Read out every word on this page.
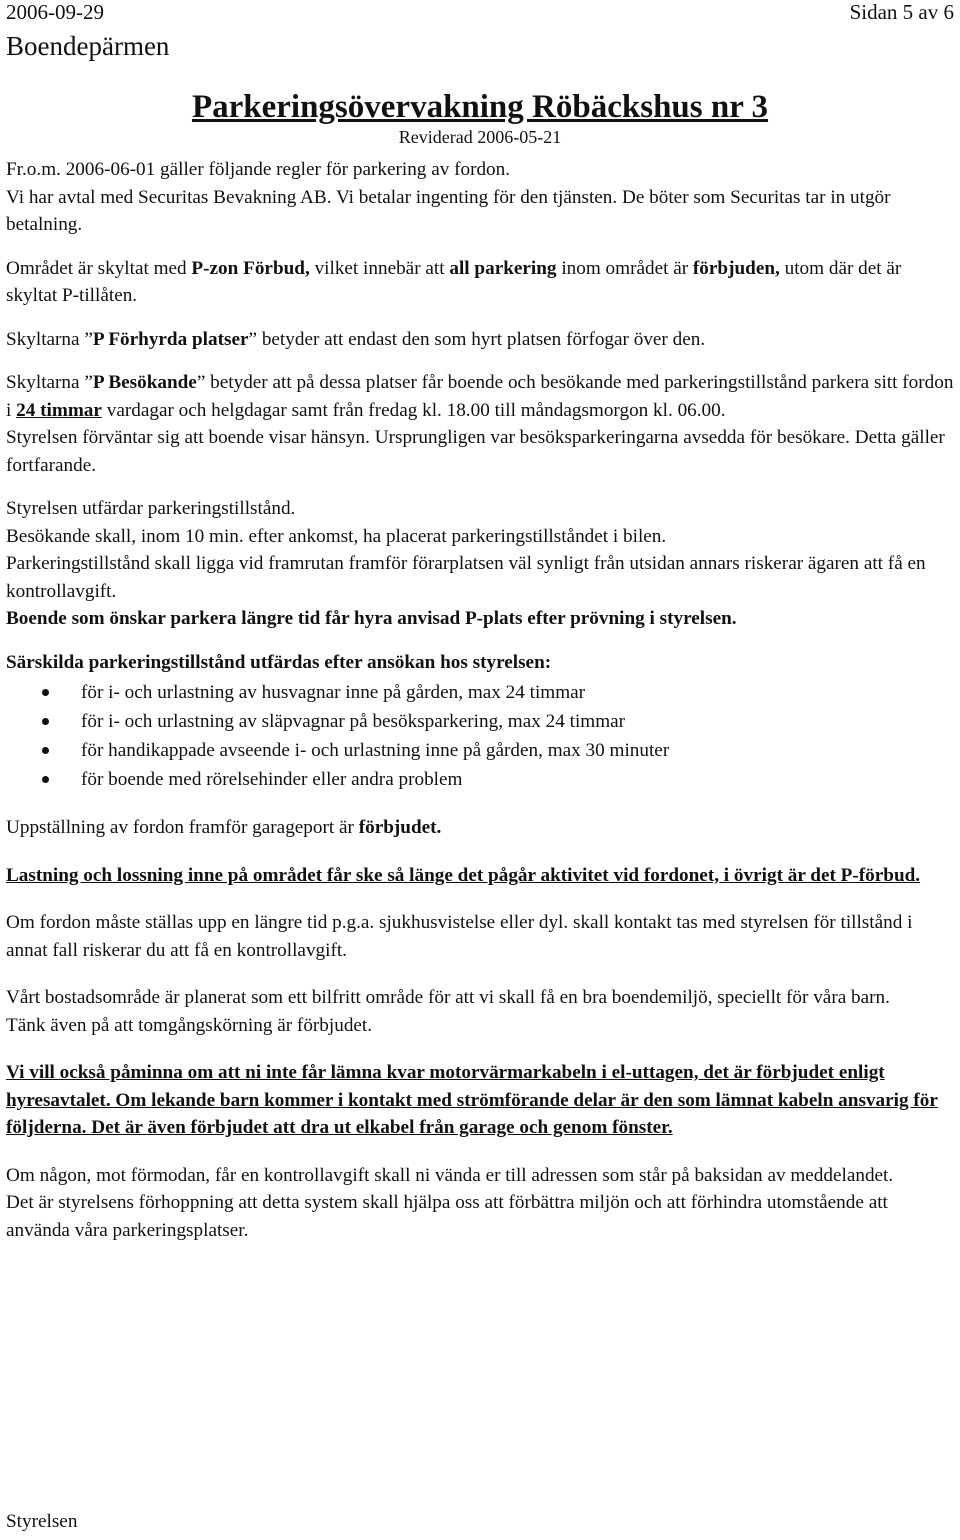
2006-09-29	Sidan 5 av 6
Boendepärmen
Parkeringsövervakning Röbäckshus nr 3
Reviderad 2006-05-21

Fr.o.m. 2006-06-01 gäller följande regler för parkering av fordon.

Vi har avtal med Securitas Bevakning AB. Vi betalar ingenting för den tjänsten. De böter som Securitas tar in utgör betalning.

Området är skyltat med P-zon Förbud, vilket innebär att all parkering inom området är förbjuden, utom där det är skyltat P-tillåten.

Skyltarna ”P Förhyrda platser” betyder att endast den som hyrt platsen förfogar över den.

Skyltarna ”P Besökande” betyder att på dessa platser får boende och besökande med parkeringstillstånd parkera sitt fordon i 24 timmar vardagar och helgdagar samt från fredag kl. 18.00 till måndagsmorgon kl. 06.00.

Styrelsen förväntar sig att boende visar hänsyn. Ursprungligen var besöksparkeringarna avsedda för besökare. Detta gäller fortfarande.

Styrelsen utfärdar parkeringstillstånd.

Besökande skall, inom 10 min. efter ankomst, ha placerat parkeringstillståndet i bilen.

Parkeringstillstånd skall ligga vid framrutan framför förarplatsen väl synligt från utsidan annars riskerar ägaren att få en kontrollavgift.

Boende som önskar parkera längre tid får hyra anvisad P-plats efter prövning i styrelsen.

Särskilda parkeringstillstånd utfärdas efter ansökan hos styrelsen:

för i- och urlastning av husvagnar inne på gården, max 24 timmar
för i- och urlastning av släpvagnar på besöksparkering, max 24 timmar
för handikappade avseende i- och urlastning inne på gården, max 30 minuter
för boende med rörelsehinder eller andra problem

Uppställning av fordon framför garageport är förbjudet.

Lastning och lossning inne på området får ske så länge det pågår aktivitet vid fordonet, i övrigt är det P-förbud.

Om fordon måste ställas upp en längre tid p.g.a. sjukhusvistelse eller dyl. skall kontakt tas med styrelsen för tillstånd i annat fall riskerar du att få en kontrollavgift.

Vårt bostadsområde är planerat som ett bilfritt område för att vi skall få en bra boendemiljö, speciellt för våra barn.

Tänk även på att tomgångskörning är förbjudet.

Vi vill också påminna om att ni inte får lämna kvar motorvärmarkabeln i el-uttagen, det är förbjudet enligt hyresavtalet. Om lekande barn kommer i kontakt med strömförande delar är den som lämnat kabeln ansvarig för följderna. Det är även förbjudet att dra ut elkabel från garage och genom fönster.

Om någon, mot förmodan, får en kontrollavgift skall ni vända er till adressen som står på baksidan av meddelandet.

Det är styrelsens förhoppning att detta system skall hjälpa oss att förbättra miljön och att förhindra utomstående att använda våra parkeringsplatser.

Styrelsen
